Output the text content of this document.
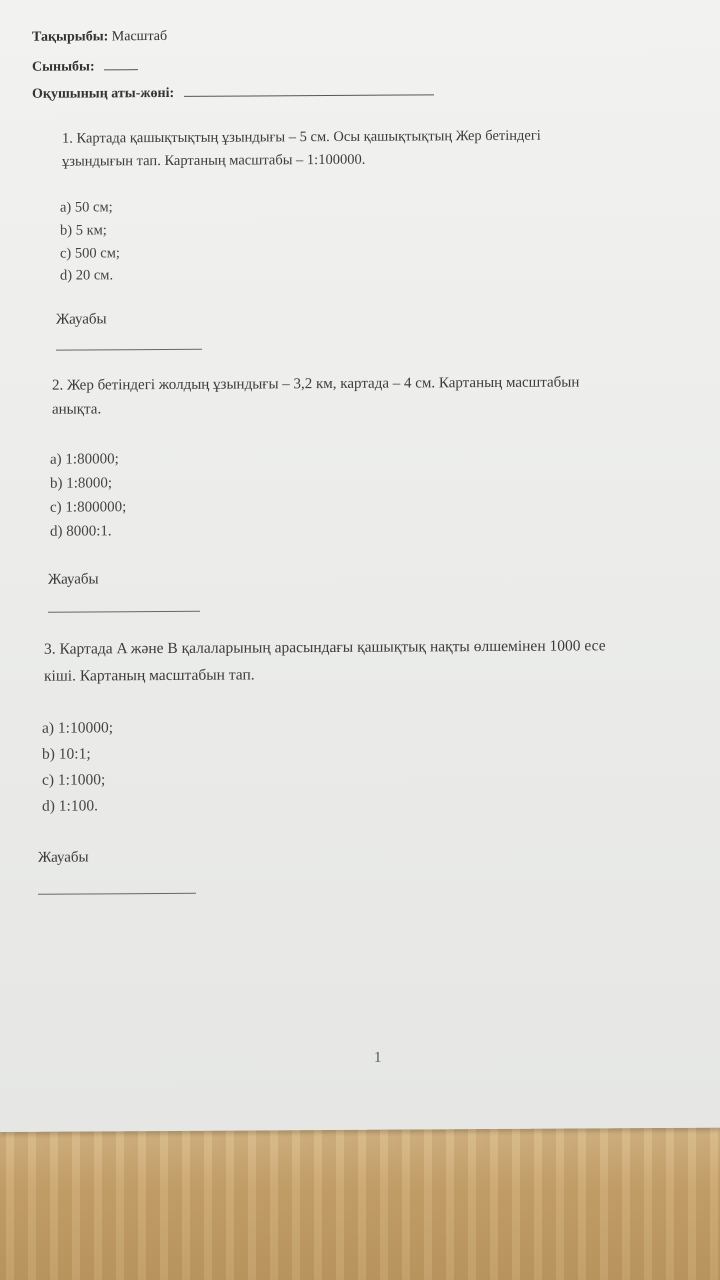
Тақырыбы: Масштаб
Сыныбы:
Оқушының аты-жөні:
1. Картада қашықтықтың ұзындығы – 5 см. Осы қашықтықтың Жер бетіндегі
ұзындығын тап. Картаның масштабы – 1:100000.
a) 50 см;
b) 5 км;
c) 500 см;
d) 20 см.
Жауабы
2. Жер бетіндегі жолдың ұзындығы – 3,2 км, картада – 4 см. Картаның масштабын
анықта.
a) 1:80000;
b) 1:8000;
c) 1:800000;
d) 8000:1.
Жауабы
3. Картада A және B қалаларының арасындағы қашықтық нақты өлшемінен 1000 есе
кіші. Картаның масштабын тап.
a) 1:10000;
b) 10:1;
c) 1:1000;
d) 1:100.
Жауабы
1
